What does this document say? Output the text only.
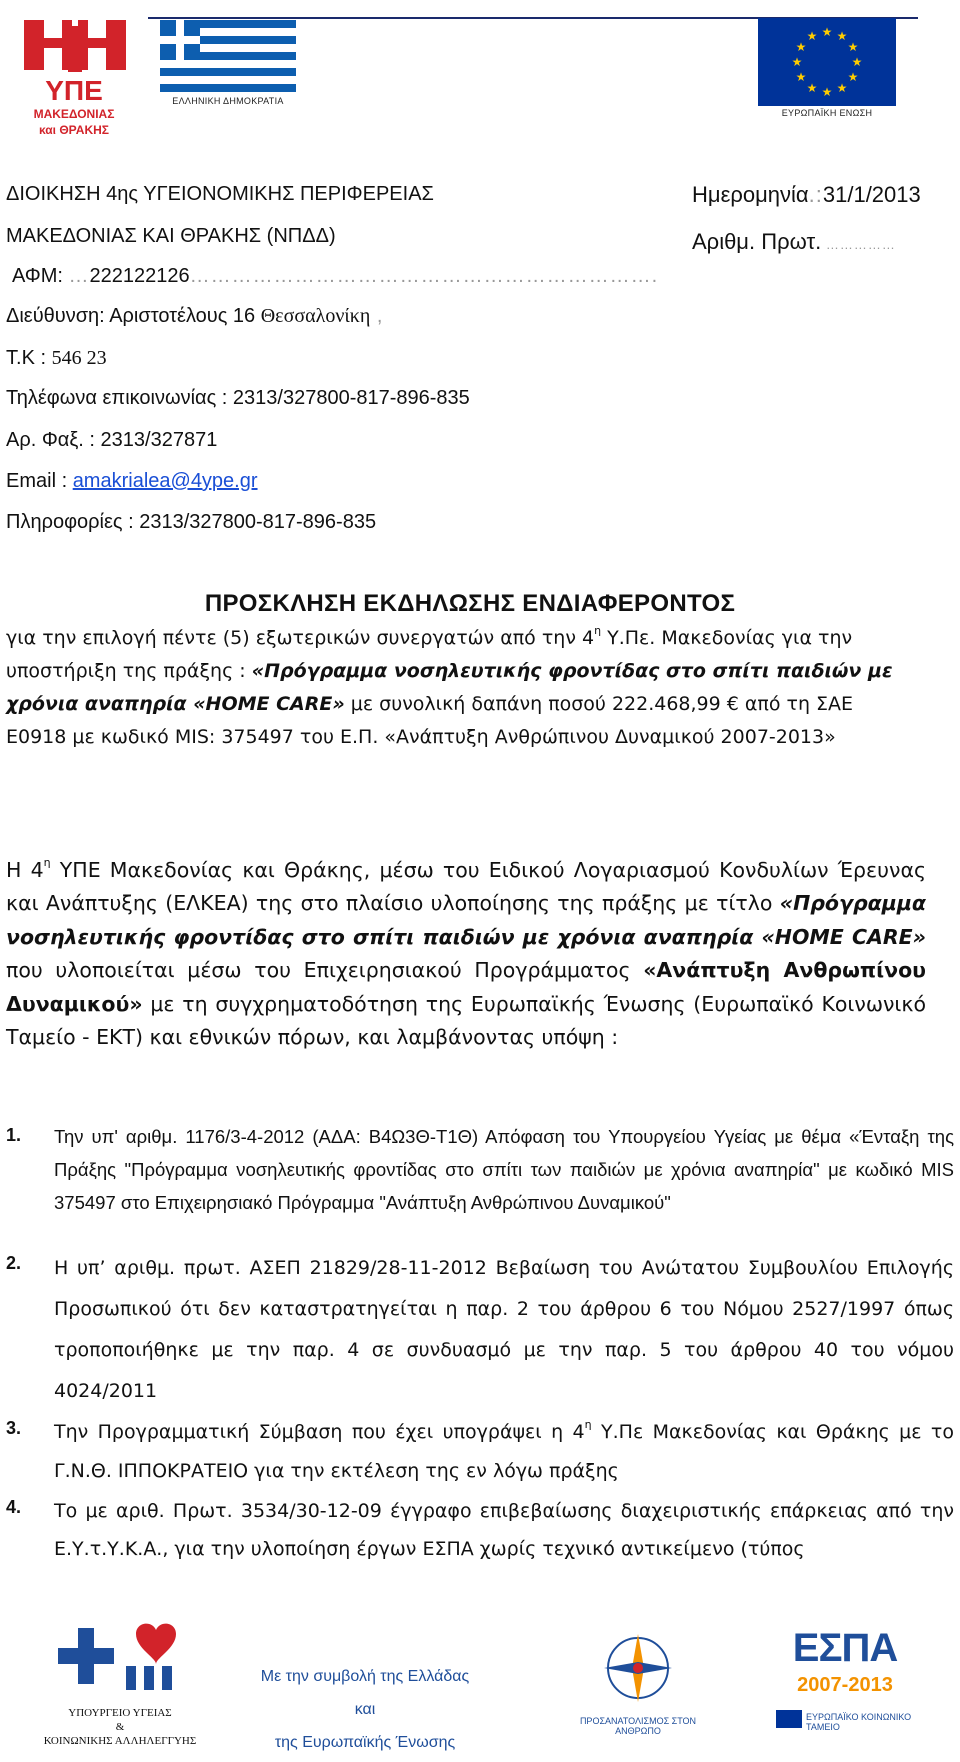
ΥΠΕ
ΜΑΚΕΔΟΝΙΑΣ
και ΘΡΑΚΗΣ
ΕΛΛΗΝΙΚΗ ΔΗΜΟΚΡΑΤΙΑ
★ ★
★
★
★
★
★
★
★
★
★
★
ΕΥΡΩΠΑΪΚΗ ΕΝΩΣΗ
ΔΙΟΙΚΗΣΗ 4ης ΥΓΕΙΟΝΟΜΙΚΗΣ ΠΕΡΙΦΕΡΕΙΑΣ
ΜΑΚΕΔΟΝΙΑΣ ΚΑΙ ΘΡΑΚΗΣ (ΝΠΔΔ)
ΑΦΜ: …222122126………………………………………………………….
Διεύθυνση: Αριστοτέλους 16 Θεσσαλονίκη ,
Τ.Κ : 546 23
Τηλέφωνα επικοινωνίας : 2313/327800-817-896-835
Αρ. Φαξ. : 2313/327871
Email : amakrialea@4ype.gr
Πληροφορίες : 2313/327800-817-896-835
Ημερομηνία.:31/1/2013
Αριθμ. Πρωτ. ……………
ΠΡΟΣΚΛΗΣΗ ΕΚΔΗΛΩΣΗΣ ΕΝΔΙΑΦΕΡΟΝΤΟΣ
για την επιλογή πέντε (5) εξωτερικών συνεργατών από την $4^\eta$ Υ.Πε. Μακεδονίας για την
υποστήριξη της πράξης : «Πρόγραμμα νοσηλευτικής φροντίδας στο σπίτι παιδιών με
χρόνια αναπηρία «HOME CARE» με συνολική δαπάνη ποσού 222.468,99 € από τη ΣΑΕ
Ε0918 με κωδικό MIS: 375497 του Ε.Π. «Ανάπτυξη Ανθρώπινου Δυναμικού 2007-2013»
Η $4^\eta$ ΥΠΕ Μακεδονίας και Θράκης, μέσω του Ειδικού Λογαριασμού Κονδυλίων Έρευνας και Ανάπτυξης (ΕΛΚΕΑ) της στο πλαίσιο υλοποίησης της πράξης με τίτλο «Πρόγραμμα νοσηλευτικής φροντίδας στο σπίτι παιδιών με χρόνια αναπηρία «HOME CARE» που υλοποιείται μέσω του Επιχειρησιακού Προγράμματος «Ανάπτυξη Ανθρωπίνου Δυναμικού» με τη συγχρηματοδότηση της Ευρωπαϊκής Ένωσης (Ευρωπαϊκό Κοινωνικό Ταμείο - ΕΚΤ) και εθνικών πόρων, και λαμβάνοντας υπόψη :
1. Την υπ' αριθμ. 1176/3-4-2012 (ΑΔΑ: Β4Ω3Θ-Τ1Θ) Απόφαση του Υπουργείου Υγείας με θέμα «Ένταξη της Πράξης "Πρόγραμμα νοσηλευτικής φροντίδας στο σπίτι των παιδιών με χρόνια αναπηρία" με κωδικό MIS 375497 στο Επιχειρησιακό Πρόγραμμα "Ανάπτυξη Ανθρώπινου Δυναμικού"
2. Η υπ’ αριθμ. πρωτ. ΑΣΕΠ 21829/28-11-2012 Βεβαίωση του Ανώτατου Συμβουλίου Επιλογής Προσωπικού ότι δεν καταστρατηγείται η παρ. 2 του άρθρου 6 του Νόμου 2527/1997 όπως τροποποιήθηκε με την παρ. 4 σε συνδυασμό με την παρ. 5 του άρθρου 40 του νόμου 4024/2011
3. Την Προγραμματική Σύμβαση που έχει υπογράψει η $4^\eta$ Υ.Πε Μακεδονίας και Θράκης με το Γ.Ν.Θ. ΙΠΠΟΚΡΑΤΕΙΟ για την εκτέλεση της εν λόγω πράξης
4. Το με αριθ. Πρωτ. 3534/30-12-09 έγγραφο επιβεβαίωσης διαχειριστικής επάρκειας από την Ε.Υ.τ.Υ.Κ.Α., για την υλοποίηση έργων ΕΣΠΑ χωρίς τεχνικό αντικείμενο (τύπος
ΥΠΟΥΡΓΕΙΟ ΥΓΕΙΑΣ
&
ΚΟΙΝΩΝΙΚΗΣ ΑΛΛΗΛΕΓΓΥΗΣ
Με την συμβολή της Ελλάδας
και
της Ευρωπαϊκής Ένωσης
ΠΡΟΣΑΝΑΤΟΛΙΣΜΟΣ ΣΤΟΝ ΑΝΘΡΩΠΟ
ΕΣΠΑ
2007-2013
ΕΥΡΩΠΑΪΚΟ ΚΟΙΝΩΝΙΚΟ ΤΑΜΕΙΟ
